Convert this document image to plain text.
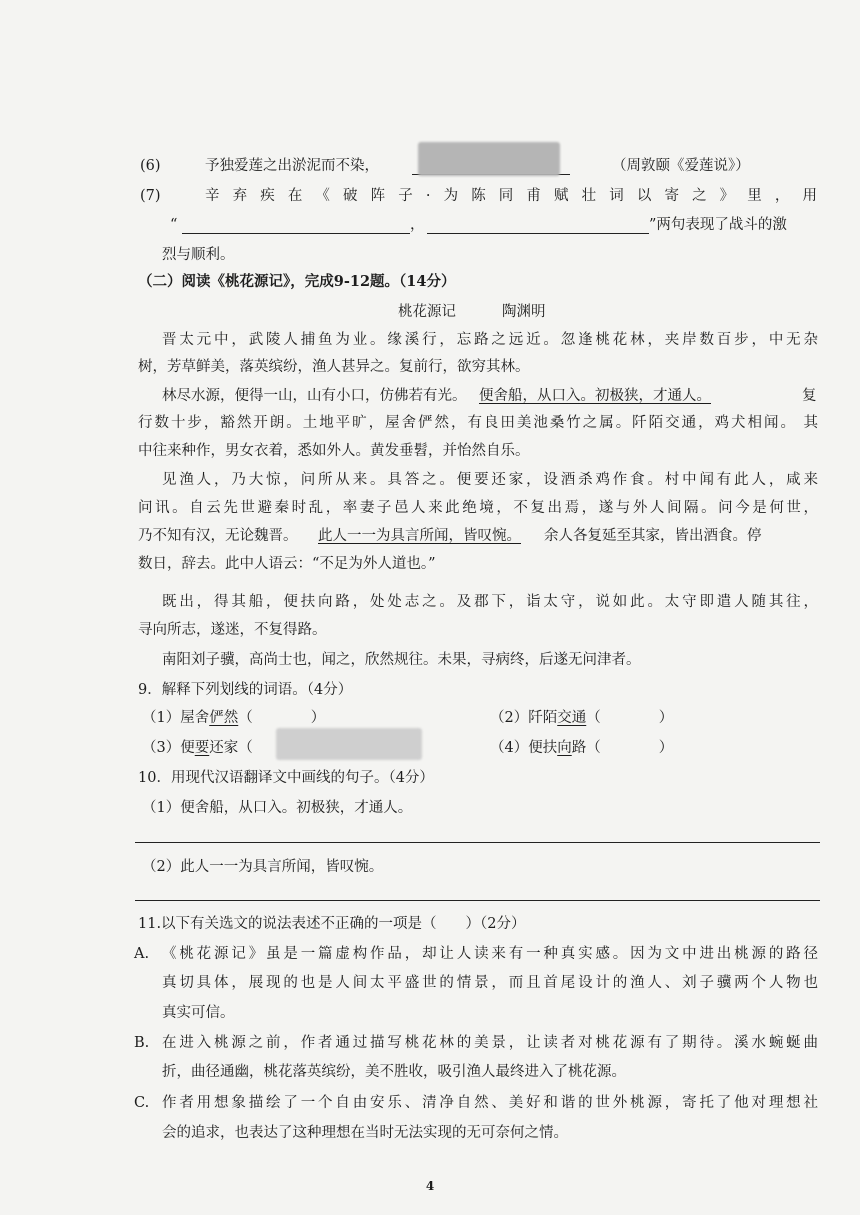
(6)	予独爱莲之出淤泥而不染，	（周敦颐《爱莲说》）
(7)	辛弃疾在《破阵子·为陈同甫赋壮词以寄之》里，用
“	，	”两句表现了战斗的激
烈与顺利。
（二）阅读《桃花源记》，完成9-12题。（14分）
桃花源记	陶渊明
晋太元中，武陵人捕鱼为业。缘溪行，忘路之远近。忽逢桃花林，夹岸数百步，中无杂
树，芳草鲜美，落英缤纷，渔人甚异之。复前行，欲穷其林。
林尽水源，便得一山，山有小口，仿佛若有光。 便舍船，从口入。初极狭，才通人。	复
行数十步，豁然开朗。土地平旷，屋舍俨然，有良田美池桑竹之属。阡陌交通，鸡犬相闻。 其
中往来种作，男女衣着，悉如外人。黄发垂髫，并怡然自乐。
见渔人，乃大惊，问所从来。具答之。便要还家，设酒杀鸡作食。村中闻有此人，咸来
问讯。自云先世避秦时乱，率妻子邑人来此绝境，不复出焉，遂与外人间隔。问今是何世，
乃不知有汉，无论魏晋。 此人一一为具言所闻，皆叹惋。 余人各复延至其家，皆出酒食。停
数日，辞去。此中人语云：“不足为外人道也。”
既出，得其船，便扶向路，处处志之。及郡下，诣太守，说如此。太守即遣人随其往，
寻向所志，遂迷，不复得路。
南阳刘子骥，高尚士也，闻之，欣然规往。未果，寻病终，后遂无问津者。
9．解释下列划线的词语。（4分）
（1）屋舍俨然（　　　　）	（2）阡陌交通（　　　　）
（3）便要还家（	（4）便扶向路（　　　　）
10．用现代汉语翻译文中画线的句子。（4分）
（1）便舍船，从口入。初极狭，才通人。
（2）此人一一为具言所闻，皆叹惋。
11.以下有关选文的说法表述不正确的一项是（　　）（2分）
A. 《桃花源记》虽是一篇虚构作品，却让人读来有一种真实感。因为文中进出桃源的路径
真切具体，展现的也是人间太平盛世的情景，而且首尾设计的渔人、刘子骥两个人物也
真实可信。
B. 在进入桃源之前，作者通过描写桃花林的美景，让读者对桃花源有了期待。溪水蜿蜒曲
折，曲径通幽，桃花落英缤纷，美不胜收，吸引渔人最终进入了桃花源。
C. 作者用想象描绘了一个自由安乐、清净自然、美好和谐的世外桃源，寄托了他对理想社
会的追求，也表达了这种理想在当时无法实现的无可奈何之情。
4
